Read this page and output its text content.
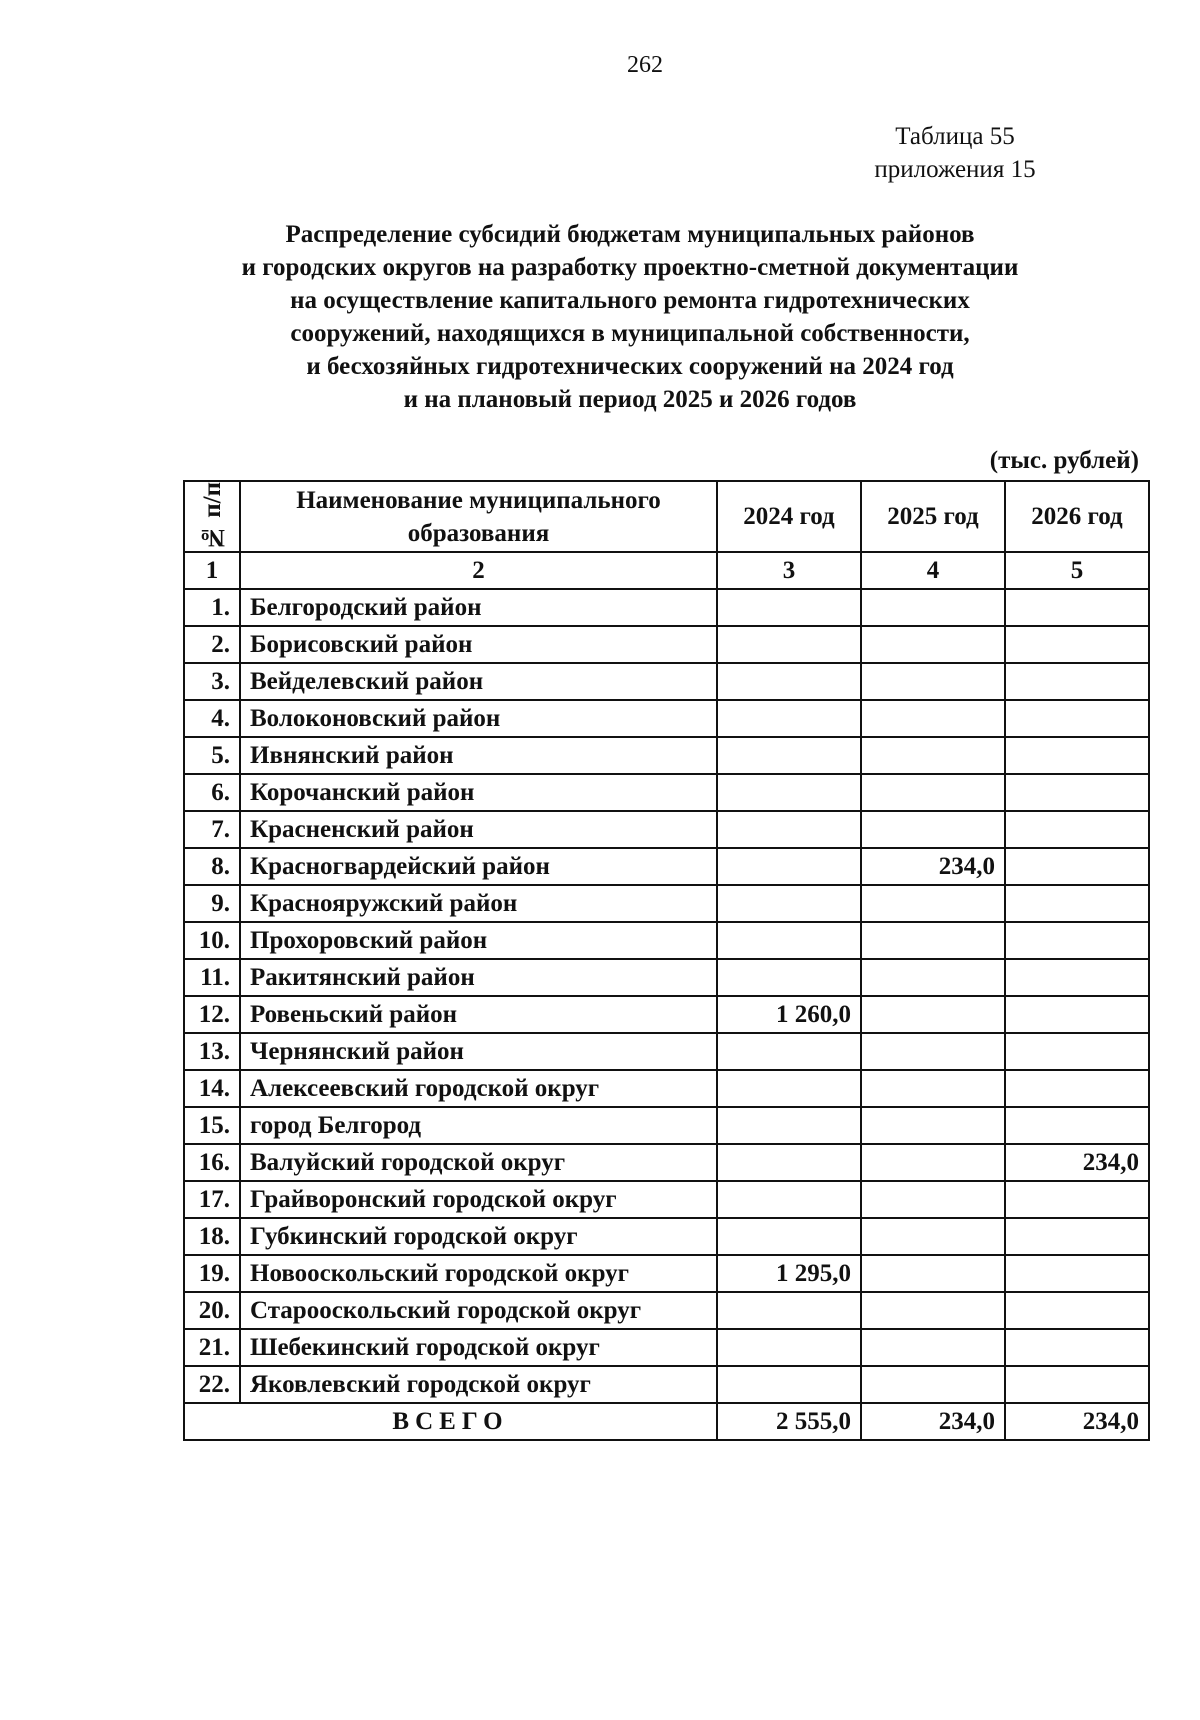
262
Таблица 55
приложения 15
Распределение субсидий бюджетам муниципальных районов
и городских округов на разработку проектно-сметной документации
на осуществление капитального ремонта гидротехнических
сооружений, находящихся в муниципальной собственности,
и бесхозяйных гидротехнических сооружений на 2024 год
и на плановый период 2025 и 2026 годов
(тыс. рублей)
№ п/п	Наименование муниципального образования	2024 год	2025 год	2026 год
1	2	3	4	5
1.	Белгородский район			
2.	Борисовский район			
3.	Вейделевский район			
4.	Волоконовский район			
5.	Ивнянский район			
6.	Корочанский район			
7.	Красненский район			
8.	Красногвардейский район		234,0	
9.	Краснояружский район			
10.	Прохоровский район			
11.	Ракитянский район			
12.	Ровеньский район	1 260,0		
13.	Чернянский район			
14.	Алексеевский городской округ			
15.	город Белгород			
16.	Валуйский городской округ			234,0
17.	Грайворонский городской округ			
18.	Губкинский городской округ			
19.	Новооскольский городской округ	1 295,0		
20.	Старооскольский городской округ			
21.	Шебекинский городской округ			
22.	Яковлевский городской округ			
ВСЕГО		2 555,0	234,0	234,0
